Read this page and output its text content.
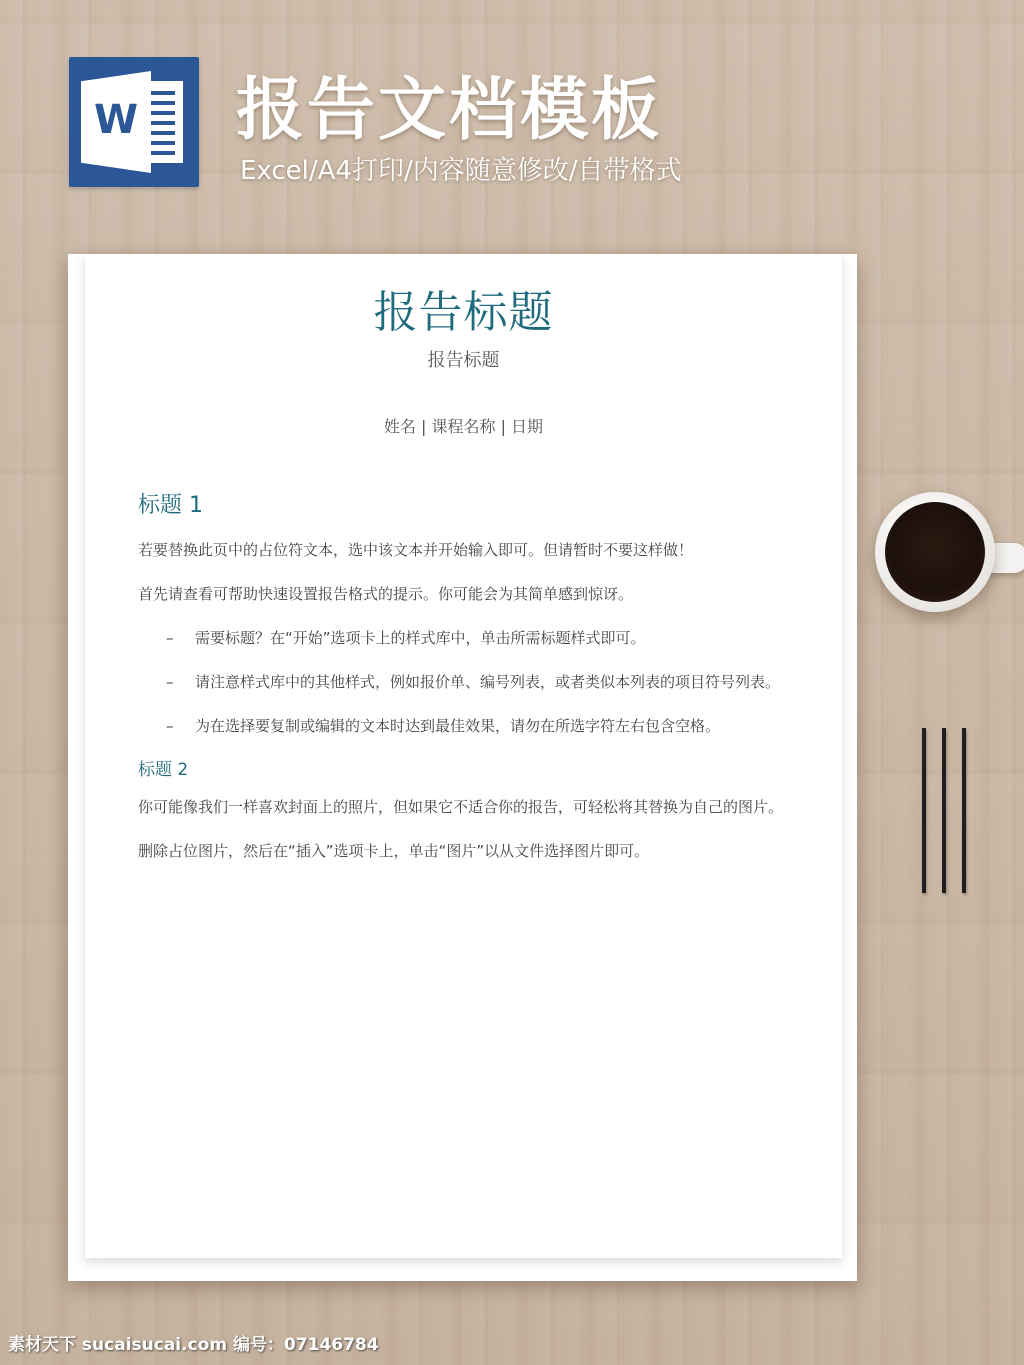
W 报告文档模板
Excel/A4打印/内容随意修改/自带格式
报告标题
报告标题
姓名 | 课程名称 | 日期
标题 1
若要替换此页中的占位符文本，选中该文本并开始输入即可。但请暂时不要这样做！
首先请查看可帮助快速设置报告格式的提示。你可能会为其简单感到惊讶。
– 需要标题？在“开始”选项卡上的样式库中，单击所需标题样式即可。
– 请注意样式库中的其他样式，例如报价单、编号列表，或者类似本列表的项目符号列表。
– 为在选择要复制或编辑的文本时达到最佳效果，请勿在所选字符左右包含空格。
标题 2
你可能像我们一样喜欢封面上的照片，但如果它不适合你的报告，可轻松将其替换为自己的图片。
删除占位图片，然后在“插入”选项卡上，单击“图片”以从文件选择图片即可。
素材天下 sucaisucai.com 编号：07146784
